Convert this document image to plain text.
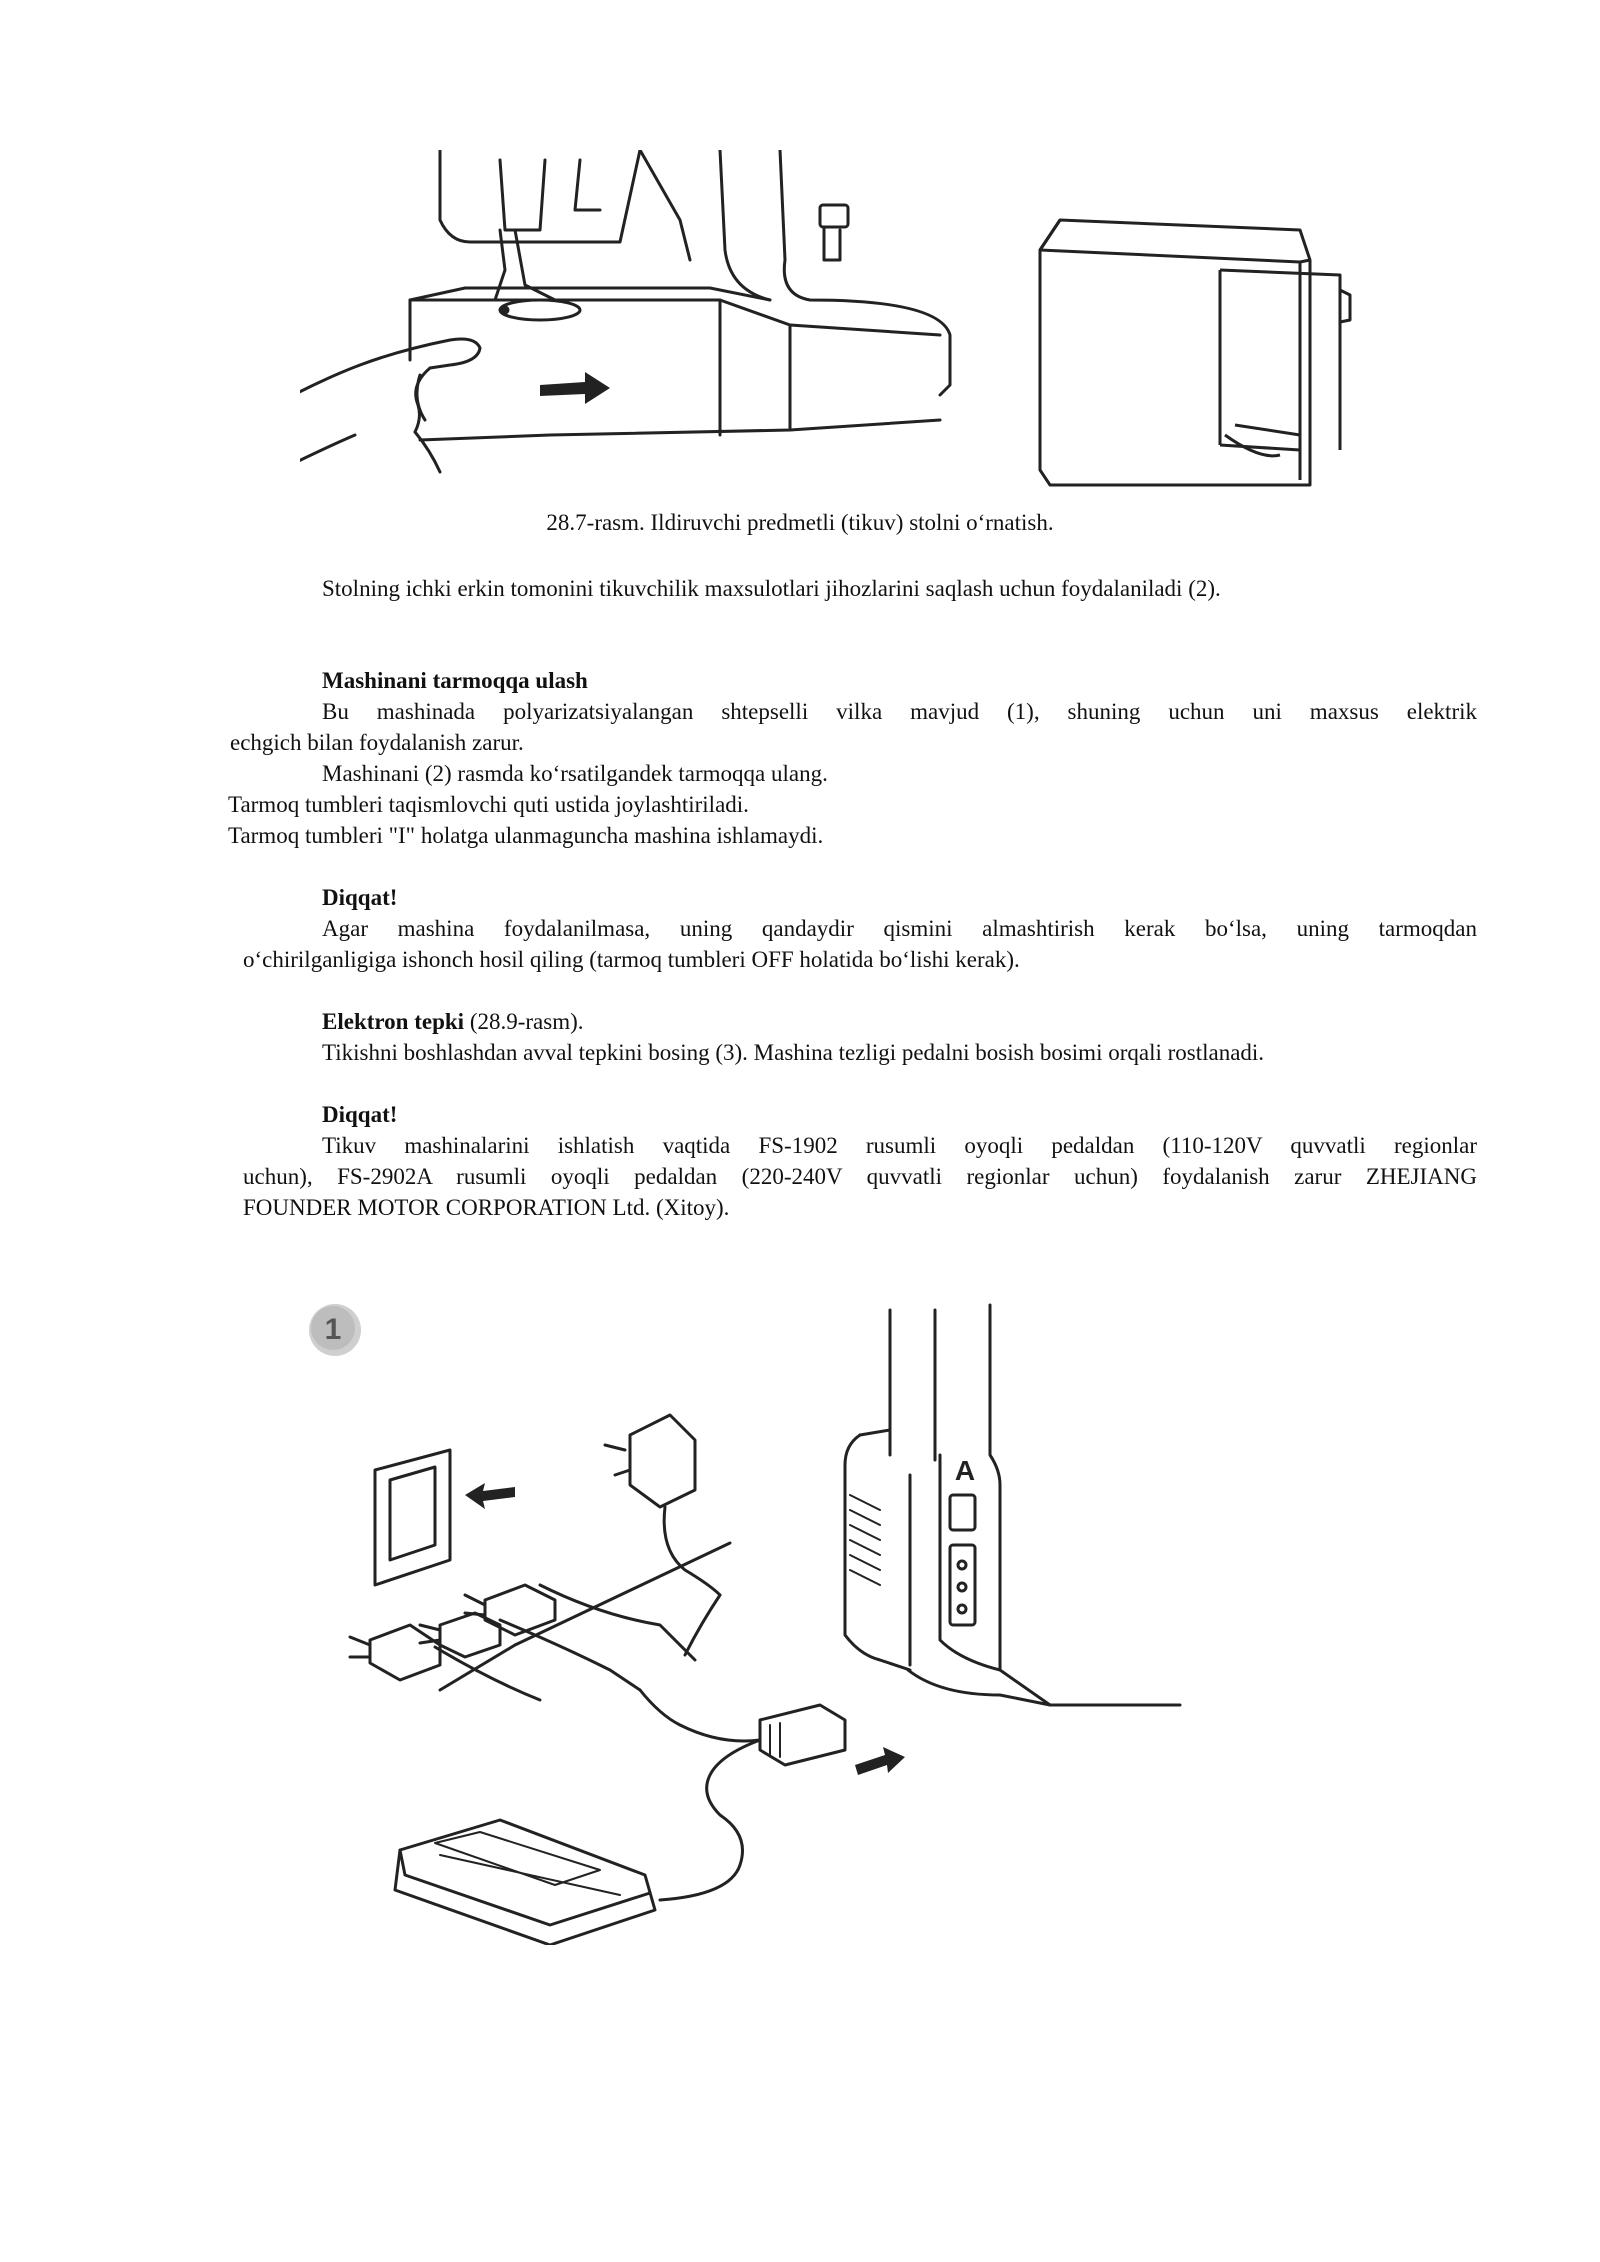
28.7-rasm. Ildiruvchi predmetli (tikuv) stolni oʻrnatish.
Stolning ichki erkin tomonini tikuvchilik maxsulotlari jihozlarini saqlash uchun foydalaniladi (2).
Mashinani tarmoqqa ulash
Bu mashinada polyarizatsiyalangan shtepselli vilka mavjud (1), shuning uchun uni maxsus elektrik
echgich bilan foydalanish zarur.
Mashinani (2) rasmda koʻrsatilgandek tarmoqqa ulang.
Tarmoq tumbleri taqismlovchi quti ustida joylashtiriladi.
Tarmoq tumbleri "I" holatga ulanmaguncha mashina ishlamaydi.
Diqqat!
Agar mashina foydalanilmasa, uning qandaydir qismini almashtirish kerak boʻlsa, uning tarmoqdan
oʻchirilganligiga ishonch hosil qiling (tarmoq tumbleri OFF holatida boʻlishi kerak).
Elektron tepki (28.9-rasm).
Tikishni boshlashdan avval tepkini bosing (3). Mashina tezligi pedalni bosish bosimi orqali rostlanadi.
Diqqat!
Tikuv mashinalarini ishlatish vaqtida FS-1902 rusumli oyoqli pedaldan (110-120V quvvatli regionlar
uchun), FS-2902A rusumli oyoqli pedaldan (220-240V quvvatli regionlar uchun) foydalanish zarur ZHEJIANG
FOUNDER MOTOR CORPORATION Ltd. (Xitoy).
1
A
